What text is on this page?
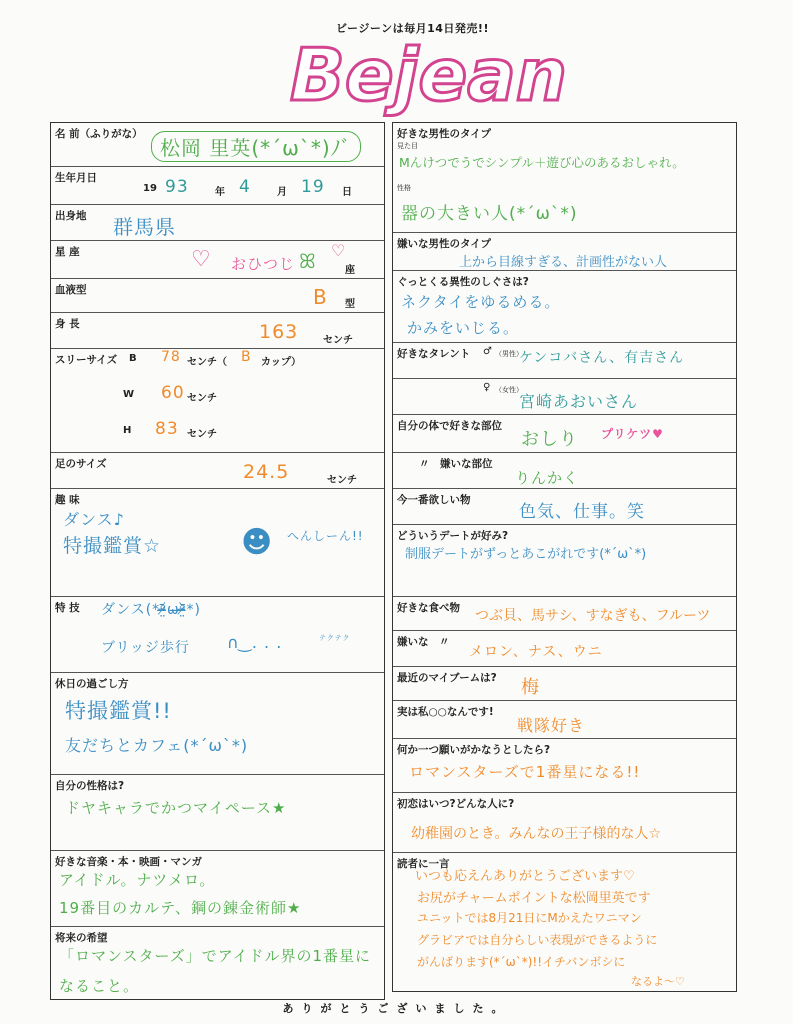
ビージーンは毎月14日発売!!
Bejean
名 前（ふりがな）
松岡 里英(*ˊωˋ*)ﾉﾞ
生年月日
19 93	年 4	月 19 日
出身地 群馬県
星 座	♡ おひつじ ꕤ ♡
座
血液型	B 型
身 長	163 センチ
スリーサイズ B 78 センチ（ B カップ）
W 60 センチ
H 83 センチ
足のサイズ	24.5	センチ
趣 味
ダンス♪
特撮鑑賞☆	☻ へんしーん!!
特 技 ダンス(*ᵒ̴̶̷̤᷄ω̶ᵒ̴̶̷̤᷅*)
ブリッジ歩行 ∩ ͜ . . .	テクテク
休日の過ごし方
特撮鑑賞!!
友だちとカフェ(*ˊωˋ*)
自分の性格は?
ドヤキャラでかつマイペース★
好きな音楽・本・映画・マンガ
アイドル。ナツメロ。
19番目のカルテ、鋼の錬金術師★
将来の希望
「ロマンスターズ」でアイドル界の1番星に
なること。
好きな男性のタイプ
見た目
Mんけつでうでシンプル＋遊び心のあるおしゃれ。
性格
器の大きい人(*ˊωˋ*)
嫌いな男性のタイプ
上から目線すぎる、計画性がない人
ぐっとくる異性のしぐさは?
ネクタイをゆるめる。
かみをいじる。
好きなタレント ♂ （男性）
ケンコバさん、有吉さん
♀ （女性）
宮崎あおいさん
自分の体で好きな部位
おしり プリケツ♥
〃　嫌いな部位
りんかく
今一番欲しい物
色気、仕事。笑
どういうデートが好み?
制服デートがずっとあこがれです(*ˊωˋ*)
好きな食べ物 つぶ貝、馬サシ、すなぎも、フルーツ
嫌いな　〃
メロン、ナス、ウニ
最近のマイブームは? 梅
実は私○○なんです!
戦隊好き
何か一つ願いがかなうとしたら?
ロマンスターズで1番星になる!!
初恋はいつ?どんな人に?
幼稚園のとき。みんなの王子様的な人☆
読者に一言
いつも応えんありがとうございます♡
お尻がチャームポイントな松岡里英です
ユニットでは8月21日にMかえたワニマン
グラビアでは自分らしい表現ができるように
がんばります(*ˊωˋ*)!!イチバンボシに
なるよ〜♡
ありがとうございました。
